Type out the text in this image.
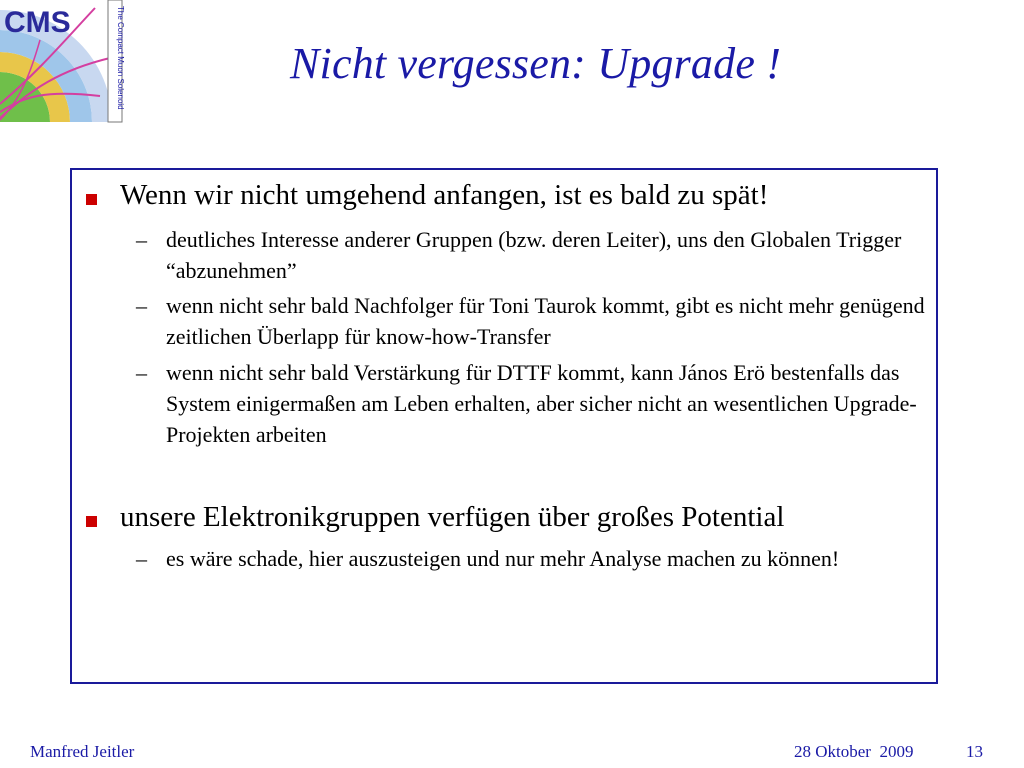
The Compact Muon Solenoid
CMS
Nicht vergessen: Upgrade !
Wenn wir nicht umgehend anfangen, ist es bald zu spät!
– deutliches Interesse anderer Gruppen (bzw. deren Leiter), uns den Globalen Trigger “abzunehmen”
– wenn nicht sehr bald Nachfolger für Toni Taurok kommt, gibt es nicht mehr genügend zeitlichen Überlapp für know-how-Transfer
– wenn nicht sehr bald Verstärkung für DTTF kommt, kann János Erö bestenfalls das System einigermaßen am Leben erhalten, aber sicher nicht an wesentlichen Upgrade-Projekten arbeiten
unsere Elektronikgruppen verfügen über großes Potential
– es wäre schade, hier auszusteigen und nur mehr Analyse machen zu können!
Manfred Jeitler	28 Oktober  2009	13
